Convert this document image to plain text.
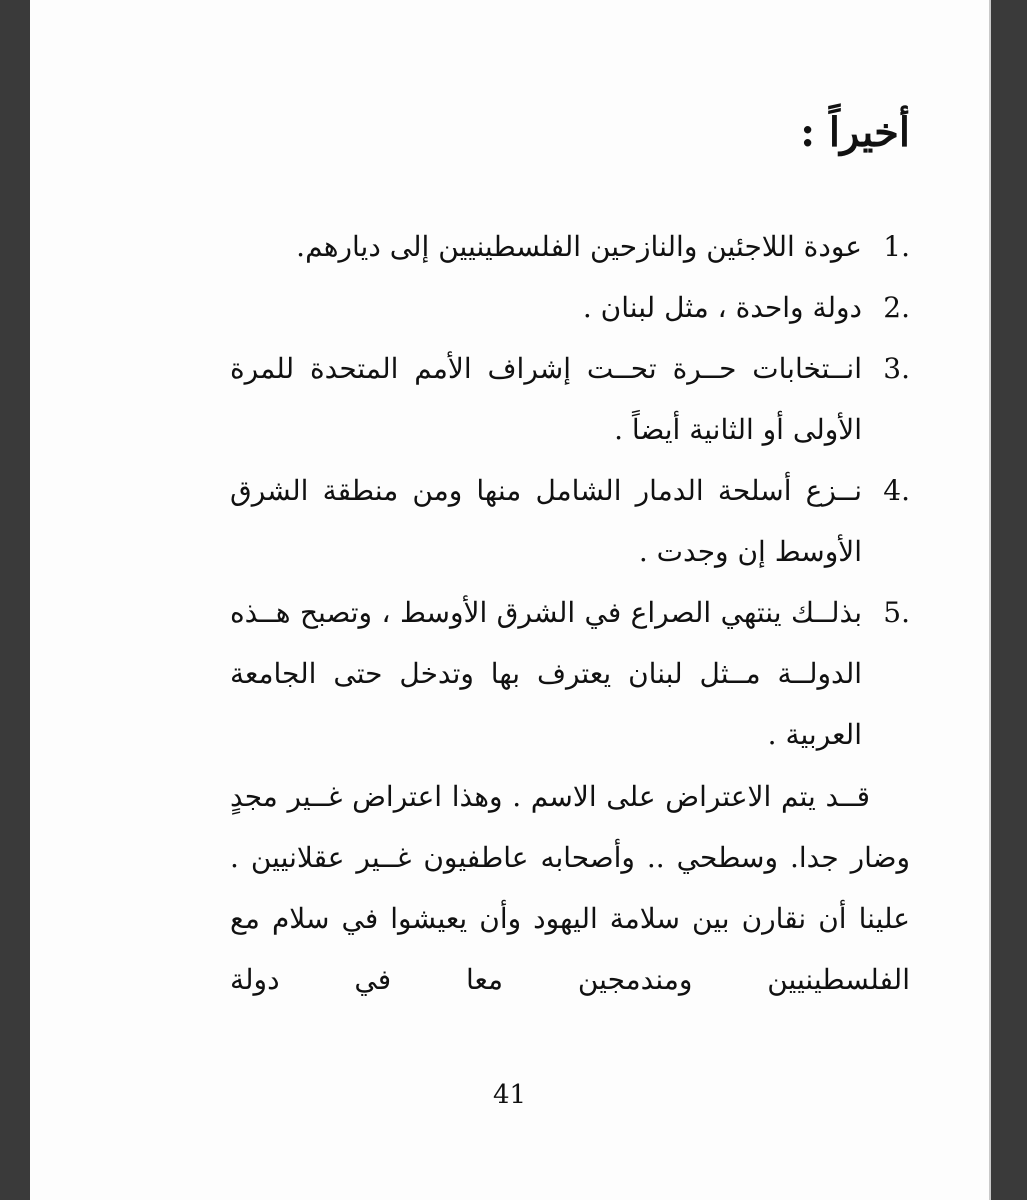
أخيراً :
1.
عودة اللاجئين والنازحين الفلسطينيين إلى ديارهم.
2.
دولة واحدة ، مثل لبنان .
3.
انــتخابات حــرة تحــت إشراف الأمم المتحدة للمرة الأولى أو الثانية أيضاً .
4.
نــزع أسلحة الدمار الشامل منها ومن منطقة الشرق الأوسط إن وجدت .
5.
بذلــك ينتهي الصراع في الشرق الأوسط ، وتصبح هــذه الدولــة مــثل لبنان يعترف بها وتدخل حتى الجامعة العربية .
قــد يتم الاعتراض على الاسم . وهذا اعتراض غــير مجدٍ وضار جدا. وسطحي .. وأصحابه عاطفيون غــير عقلانيين . علينا أن نقارن بين سلامة اليهود وأن يعيشوا في سلام مع الفلسطينيين ومندمجين معا في دولة
41
